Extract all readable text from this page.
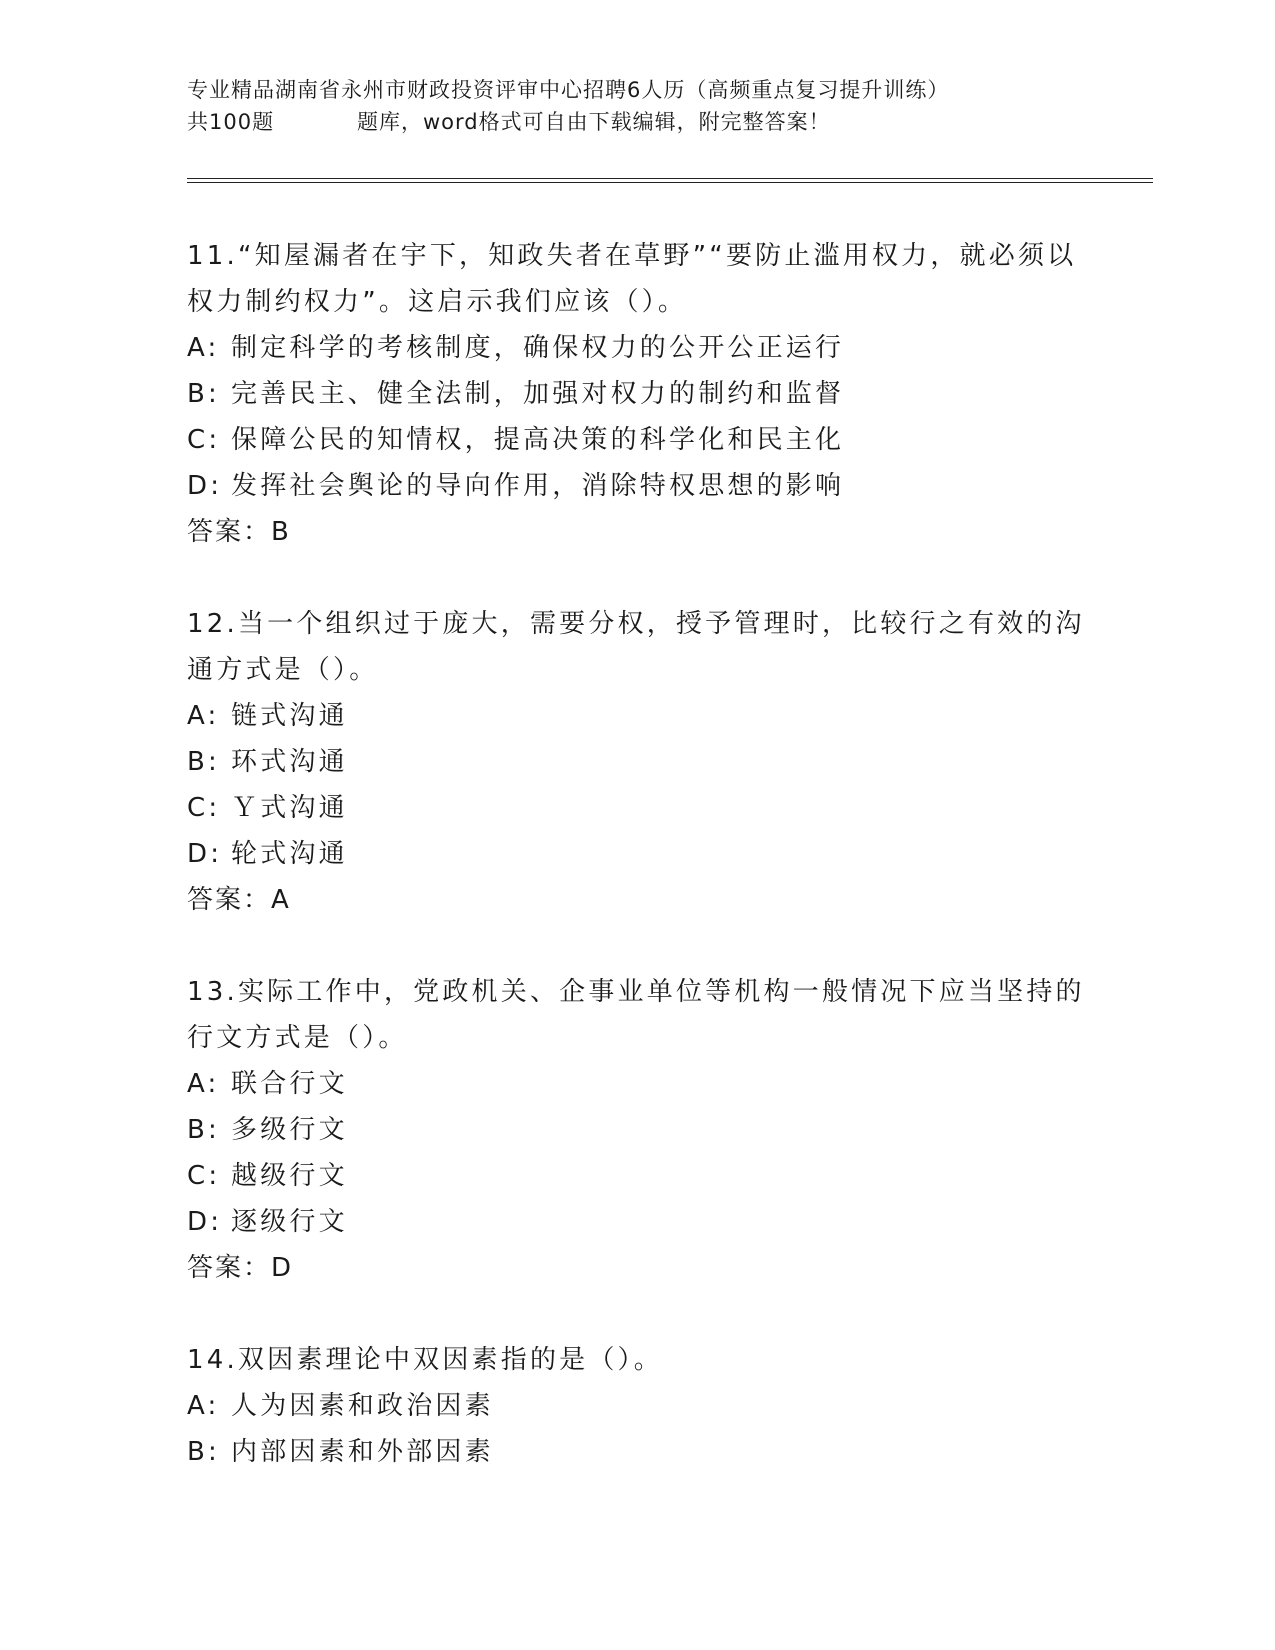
专业精品湖南省永州市财政投资评审中心招聘6人历（高频重点复习提升训练）
共100题	题库，word格式可自由下载编辑，附完整答案！
11.“知屋漏者在宇下，知政失者在草野”“要防止滥用权力，就必须以权力制约权力”。这启示我们应该（）。
A: 制定科学的考核制度，确保权力的公开公正运行
B: 完善民主、健全法制，加强对权力的制约和监督
C: 保障公民的知情权，提高决策的科学化和民主化
D: 发挥社会舆论的导向作用，消除特权思想的影响
答案：B
12.当一个组织过于庞大，需要分权，授予管理时，比较行之有效的沟通方式是（）。
A: 链式沟通
B: 环式沟通
C: Ｙ式沟通
D: 轮式沟通
答案：A
13.实际工作中，党政机关、企事业单位等机构一般情况下应当坚持的行文方式是（）。
A: 联合行文
B: 多级行文
C: 越级行文
D: 逐级行文
答案：D
14.双因素理论中双因素指的是（）。
A: 人为因素和政治因素
B: 内部因素和外部因素
